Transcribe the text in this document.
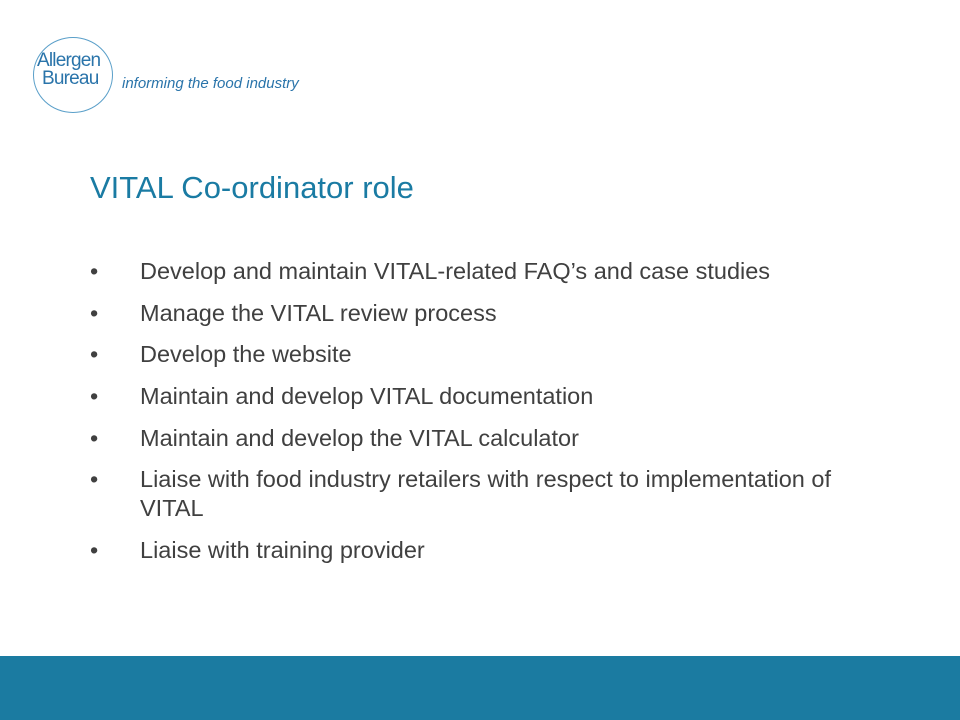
Allergen
Bureau informing the food industry
VITAL Co-ordinator role
•	Develop and maintain VITAL-related FAQ’s and case studies
•	Manage the VITAL review process
•	Develop the website
•	Maintain and develop VITAL documentation
•	Maintain and develop the VITAL calculator
•	Liaise with food industry retailers with respect to implementation of VITAL
•	Liaise with training provider
